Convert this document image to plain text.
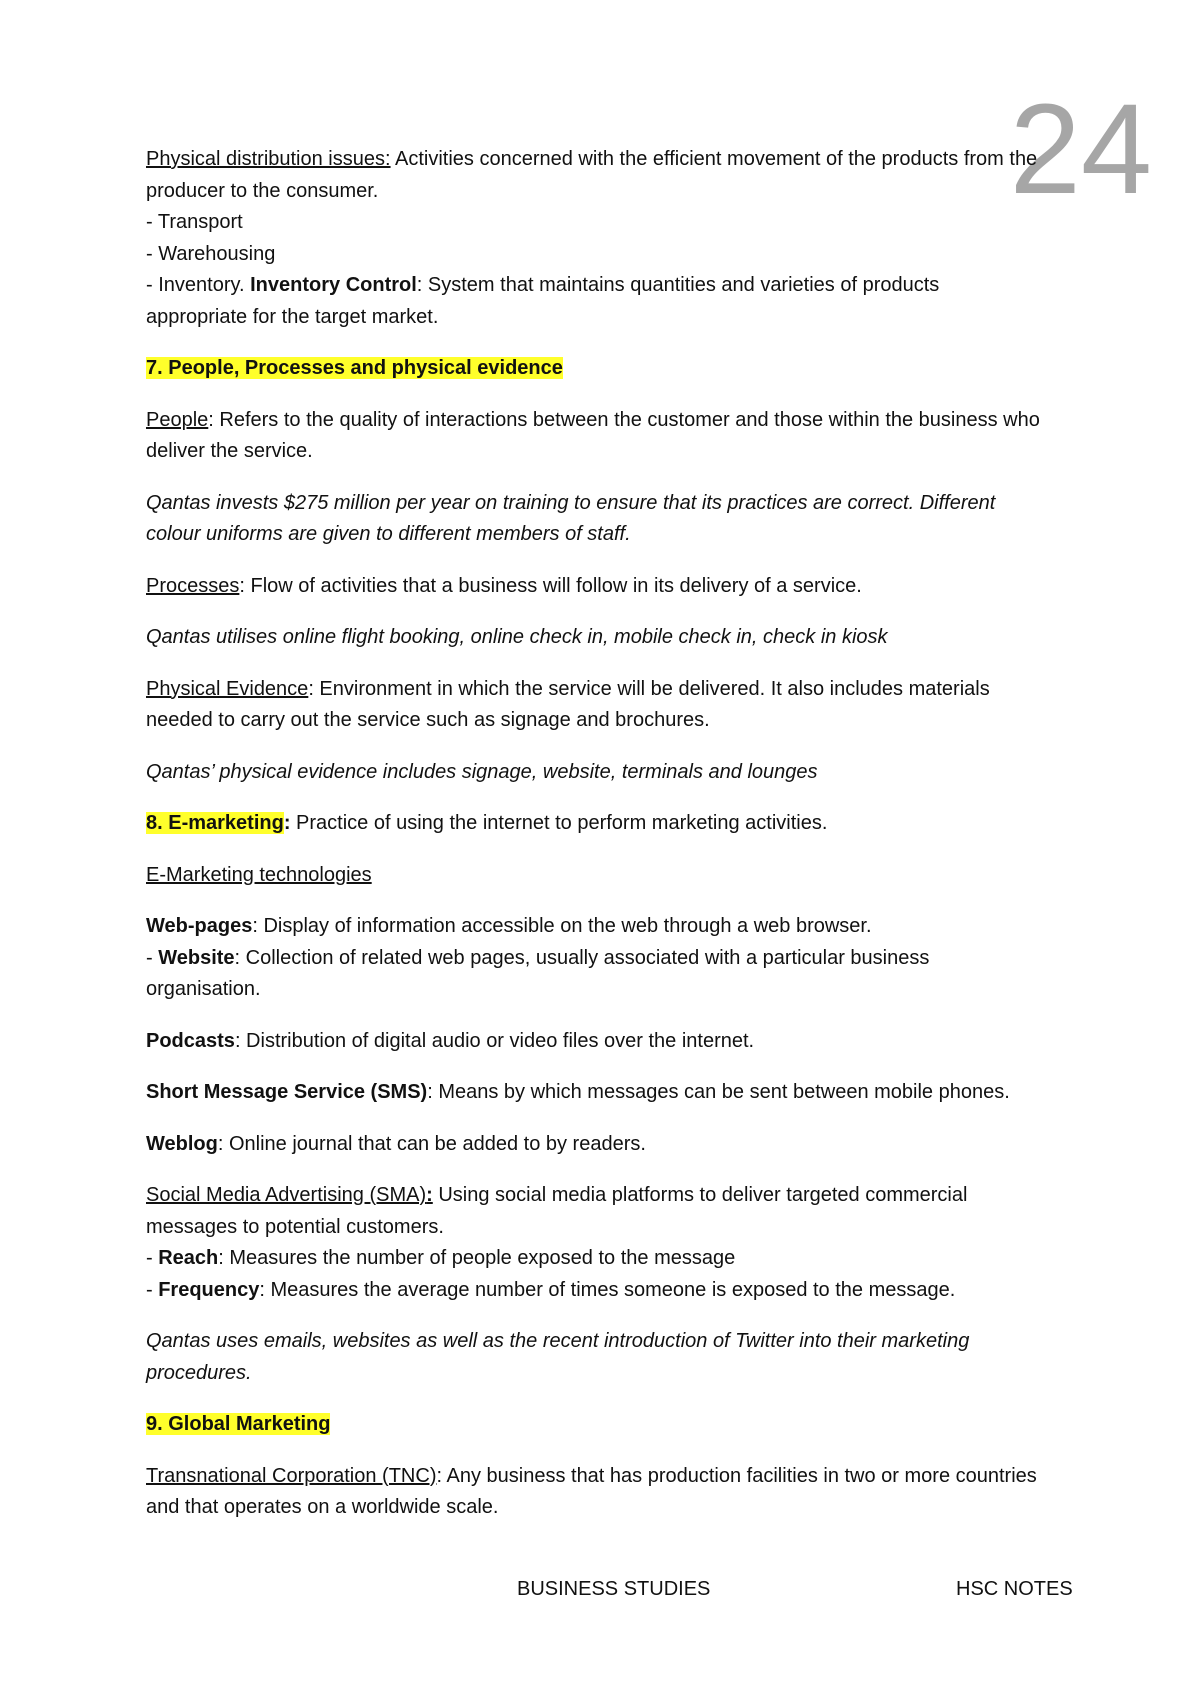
24

Physical distribution issues: Activities concerned with the efficient movement of the products from the producer to the consumer.
- Transport
- Warehousing
- Inventory. Inventory Control: System that maintains quantities and varieties of products appropriate for the target market.

7. People, Processes and physical evidence

People: Refers to the quality of interactions between the customer and those within the business who deliver the service.

Qantas invests $275 million per year on training to ensure that its practices are correct. Different colour uniforms are given to different members of staff.

Processes: Flow of activities that a business will follow in its delivery of a service.

Qantas utilises online flight booking, online check in, mobile check in, check in kiosk

Physical Evidence: Environment in which the service will be delivered. It also includes materials needed to carry out the service such as signage and brochures.

Qantas’ physical evidence includes signage, website, terminals and lounges

8. E-marketing: Practice of using the internet to perform marketing activities.

E-Marketing technologies

Web-pages: Display of information accessible on the web through a web browser.
- Website: Collection of related web pages, usually associated with a particular business organisation.

Podcasts: Distribution of digital audio or video files over the internet.

Short Message Service (SMS): Means by which messages can be sent between mobile phones.

Weblog: Online journal that can be added to by readers.

Social Media Advertising (SMA): Using social media platforms to deliver targeted commercial messages to potential customers.
- Reach: Measures the number of people exposed to the message
- Frequency: Measures the average number of times someone is exposed to the message.

Qantas uses emails, websites as well as the recent introduction of Twitter into their marketing procedures.

9. Global Marketing

Transnational Corporation (TNC): Any business that has production facilities in two or more countries and that operates on a worldwide scale.

BUSINESS STUDIES	HSC NOTES
